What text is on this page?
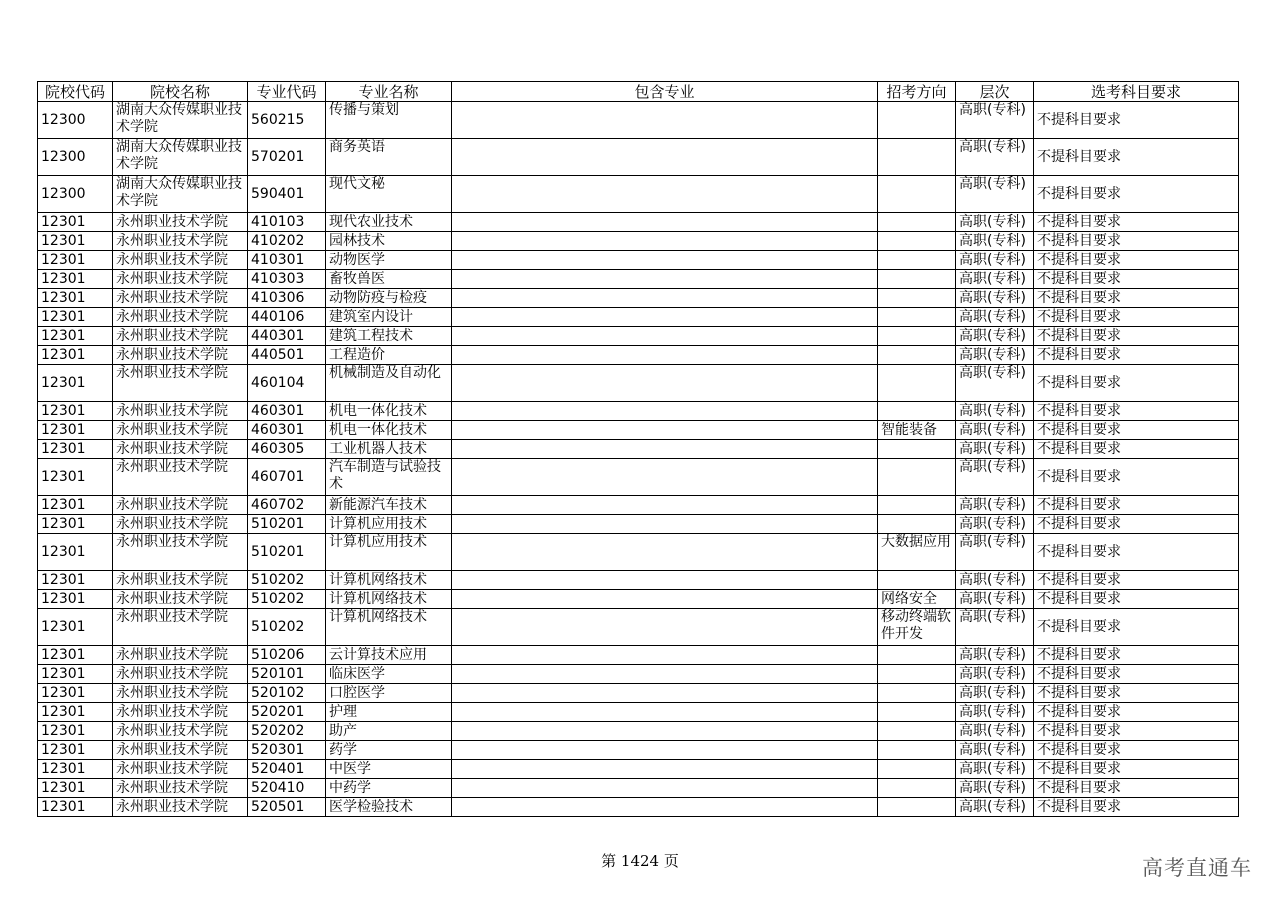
院校代码	院校名称	专业代码	专业名称	包含专业	招考方向	层次	选考科目要求

12300	湖南大众传媒职业技术学院	560215	传播与策划			高职(专科)	不提科目要求

12300	湖南大众传媒职业技术学院	570201	商务英语			高职(专科)	不提科目要求

12300	湖南大众传媒职业技术学院	590401	现代文秘			高职(专科)	不提科目要求

12301	永州职业技术学院	410103	现代农业技术			高职(专科)	不提科目要求

12301	永州职业技术学院	410202	园林技术			高职(专科)	不提科目要求

12301	永州职业技术学院	410301	动物医学			高职(专科)	不提科目要求

12301	永州职业技术学院	410303	畜牧兽医			高职(专科)	不提科目要求

12301	永州职业技术学院	410306	动物防疫与检疫			高职(专科)	不提科目要求

12301	永州职业技术学院	440106	建筑室内设计			高职(专科)	不提科目要求

12301	永州职业技术学院	440301	建筑工程技术			高职(专科)	不提科目要求

12301	永州职业技术学院	440501	工程造价			高职(专科)	不提科目要求

12301	永州职业技术学院	460104	机械制造及自动化			高职(专科)	不提科目要求

12301	永州职业技术学院	460301	机电一体化技术			高职(专科)	不提科目要求

12301	永州职业技术学院	460301	机电一体化技术		智能装备	高职(专科)	不提科目要求

12301	永州职业技术学院	460305	工业机器人技术			高职(专科)	不提科目要求

12301	永州职业技术学院	460701	汽车制造与试验技术			高职(专科)	不提科目要求

12301	永州职业技术学院	460702	新能源汽车技术			高职(专科)	不提科目要求

12301	永州职业技术学院	510201	计算机应用技术			高职(专科)	不提科目要求

12301	永州职业技术学院	510201	计算机应用技术		大数据应用	高职(专科)	不提科目要求

12301	永州职业技术学院	510202	计算机网络技术			高职(专科)	不提科目要求

12301	永州职业技术学院	510202	计算机网络技术		网络安全	高职(专科)	不提科目要求

12301	永州职业技术学院	510202	计算机网络技术		移动终端软件开发	高职(专科)	不提科目要求

12301	永州职业技术学院	510206	云计算技术应用			高职(专科)	不提科目要求

12301	永州职业技术学院	520101	临床医学			高职(专科)	不提科目要求

12301	永州职业技术学院	520102	口腔医学			高职(专科)	不提科目要求

12301	永州职业技术学院	520201	护理			高职(专科)	不提科目要求

12301	永州职业技术学院	520202	助产			高职(专科)	不提科目要求

12301	永州职业技术学院	520301	药学			高职(专科)	不提科目要求

12301	永州职业技术学院	520401	中医学			高职(专科)	不提科目要求

12301	永州职业技术学院	520410	中药学			高职(专科)	不提科目要求

12301	永州职业技术学院	520501	医学检验技术			高职(专科)	不提科目要求
第 1424 页	高考直通车
